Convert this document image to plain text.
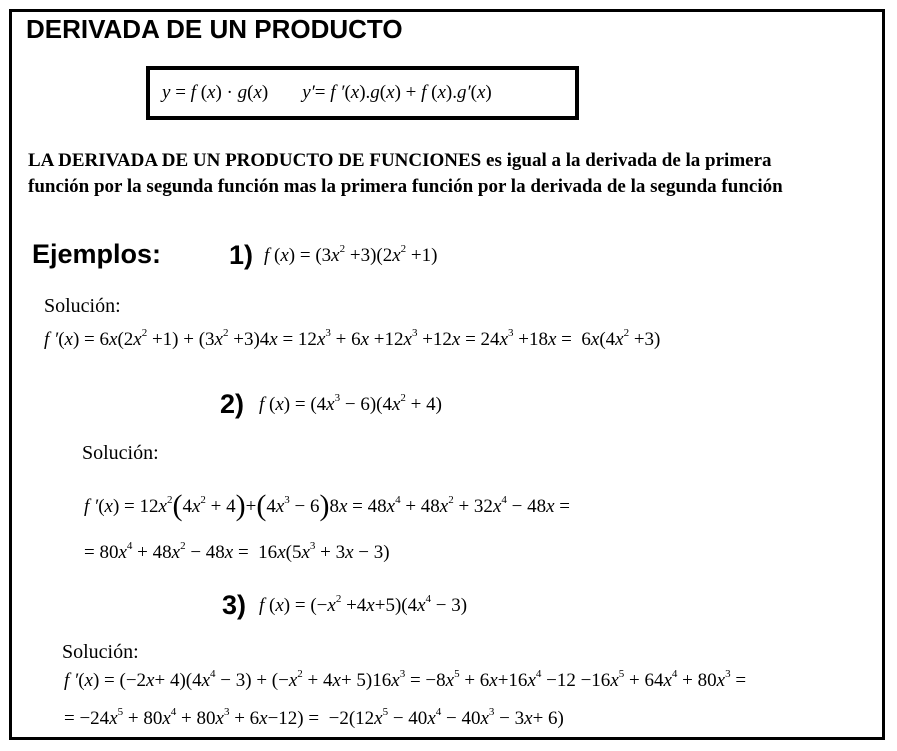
DERIVADA DE UN PRODUCTO
y = f (x) · g(x) y′= f ′(x).g(x) + f (x).g′(x)
LA DERIVADA DE UN PRODUCTO DE FUNCIONES es igual a la derivada de la primera función por la segunda función mas la primera función por la derivada de la segunda función
Ejemplos:	1) f $(x) = (3x^2 +3)(2x^2 +1)$
Solución:
f $'(x) = 6x(2x^2 +1) + (3x^2 +3)4x = 12x^3 + 6x +12x^3 +12x = 24x^3 +18x = 6x(4x^2 +3)$
2) f $(x) = (4x^3 - 6)(4x^2 + 4)$
Solución:
f $'(x) = 12x^2(4x^2 + 4)+(4x^3 - 6)8x = 48x^4 + 48x^2 + 32x^4 - 48x$ =
= $80x^4 + 48x^2 - 48x = 16x(5x^3 + 3x - 3)$
3) f $(x) = (-x^2 +4x+5)(4x^4 - 3)$
Solución:
f $'(x) = (-2x+ 4)(4x^4 - 3) + (-x^2 + 4x+ 5)16x^3 = -8x^5 + 6x+16x^4 -12 -16x^5 + 64x^4 + 80x^3$ =
= $-24x^5 + 80x^4 + 80x^3 + 6x-12) = -2(12x^5 - 40x^4 - 40x^3 - 3x+ 6)$
